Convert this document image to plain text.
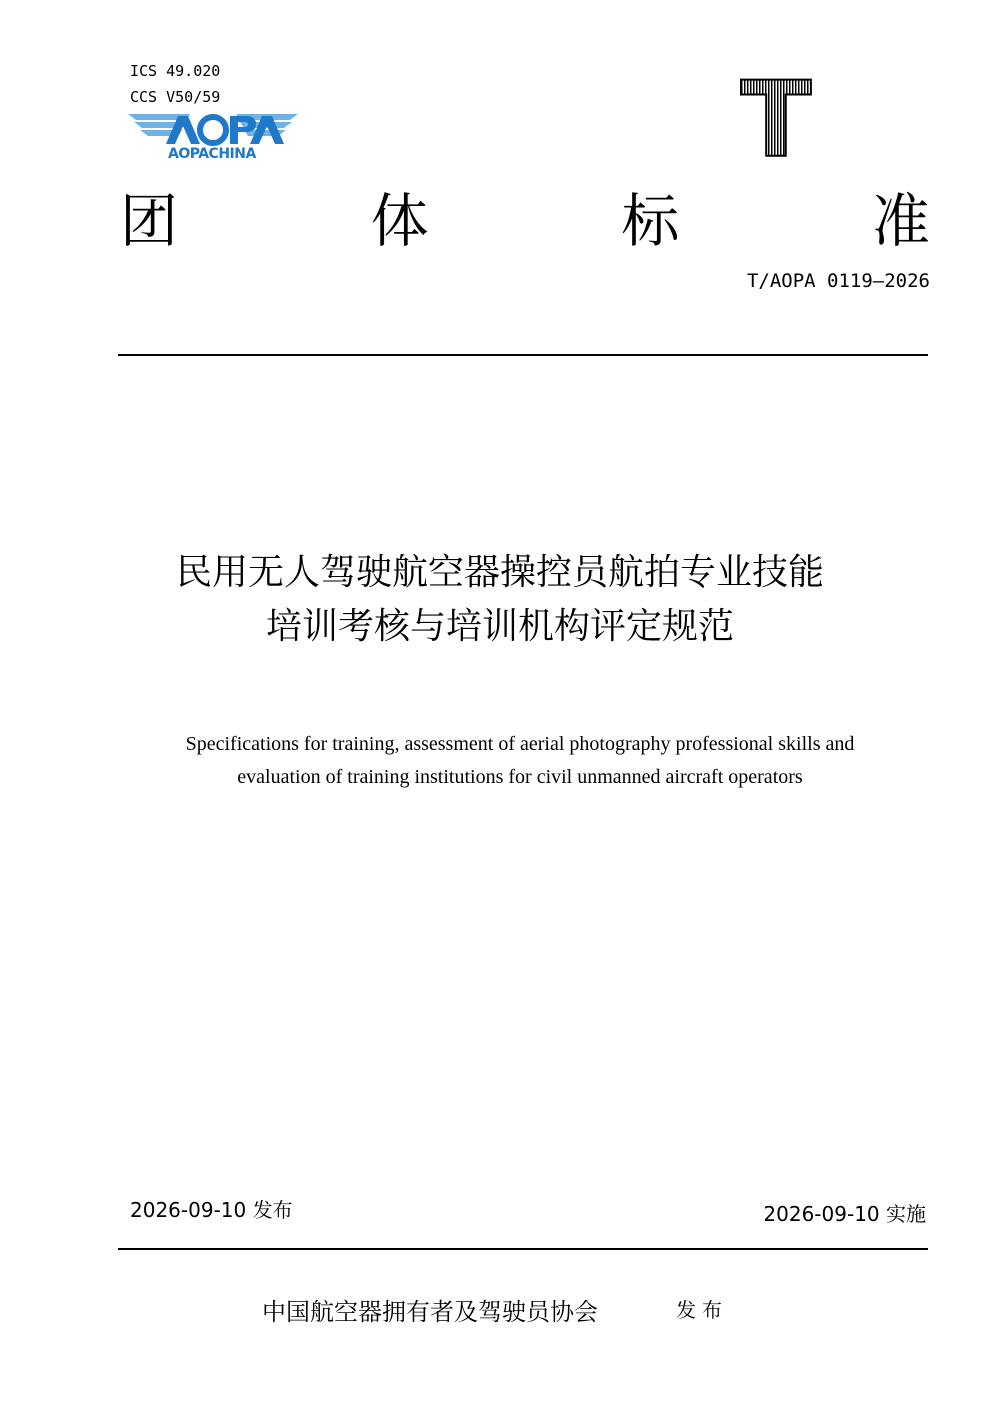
ICS 49.020
CCS V50/59
AOPACHINA	T
团	体	标	准
T/AOPA 0119—2026
民用无人驾驶航空器操控员航拍专业技能
培训考核与培训机构评定规范
Specifications for training, assessment of aerial photography professional skills and
evaluation of training institutions for civil unmanned aircraft operators
2026-09-10 发布	2026-09-10 实施
中国航空器拥有者及驾驶员协会	发布
